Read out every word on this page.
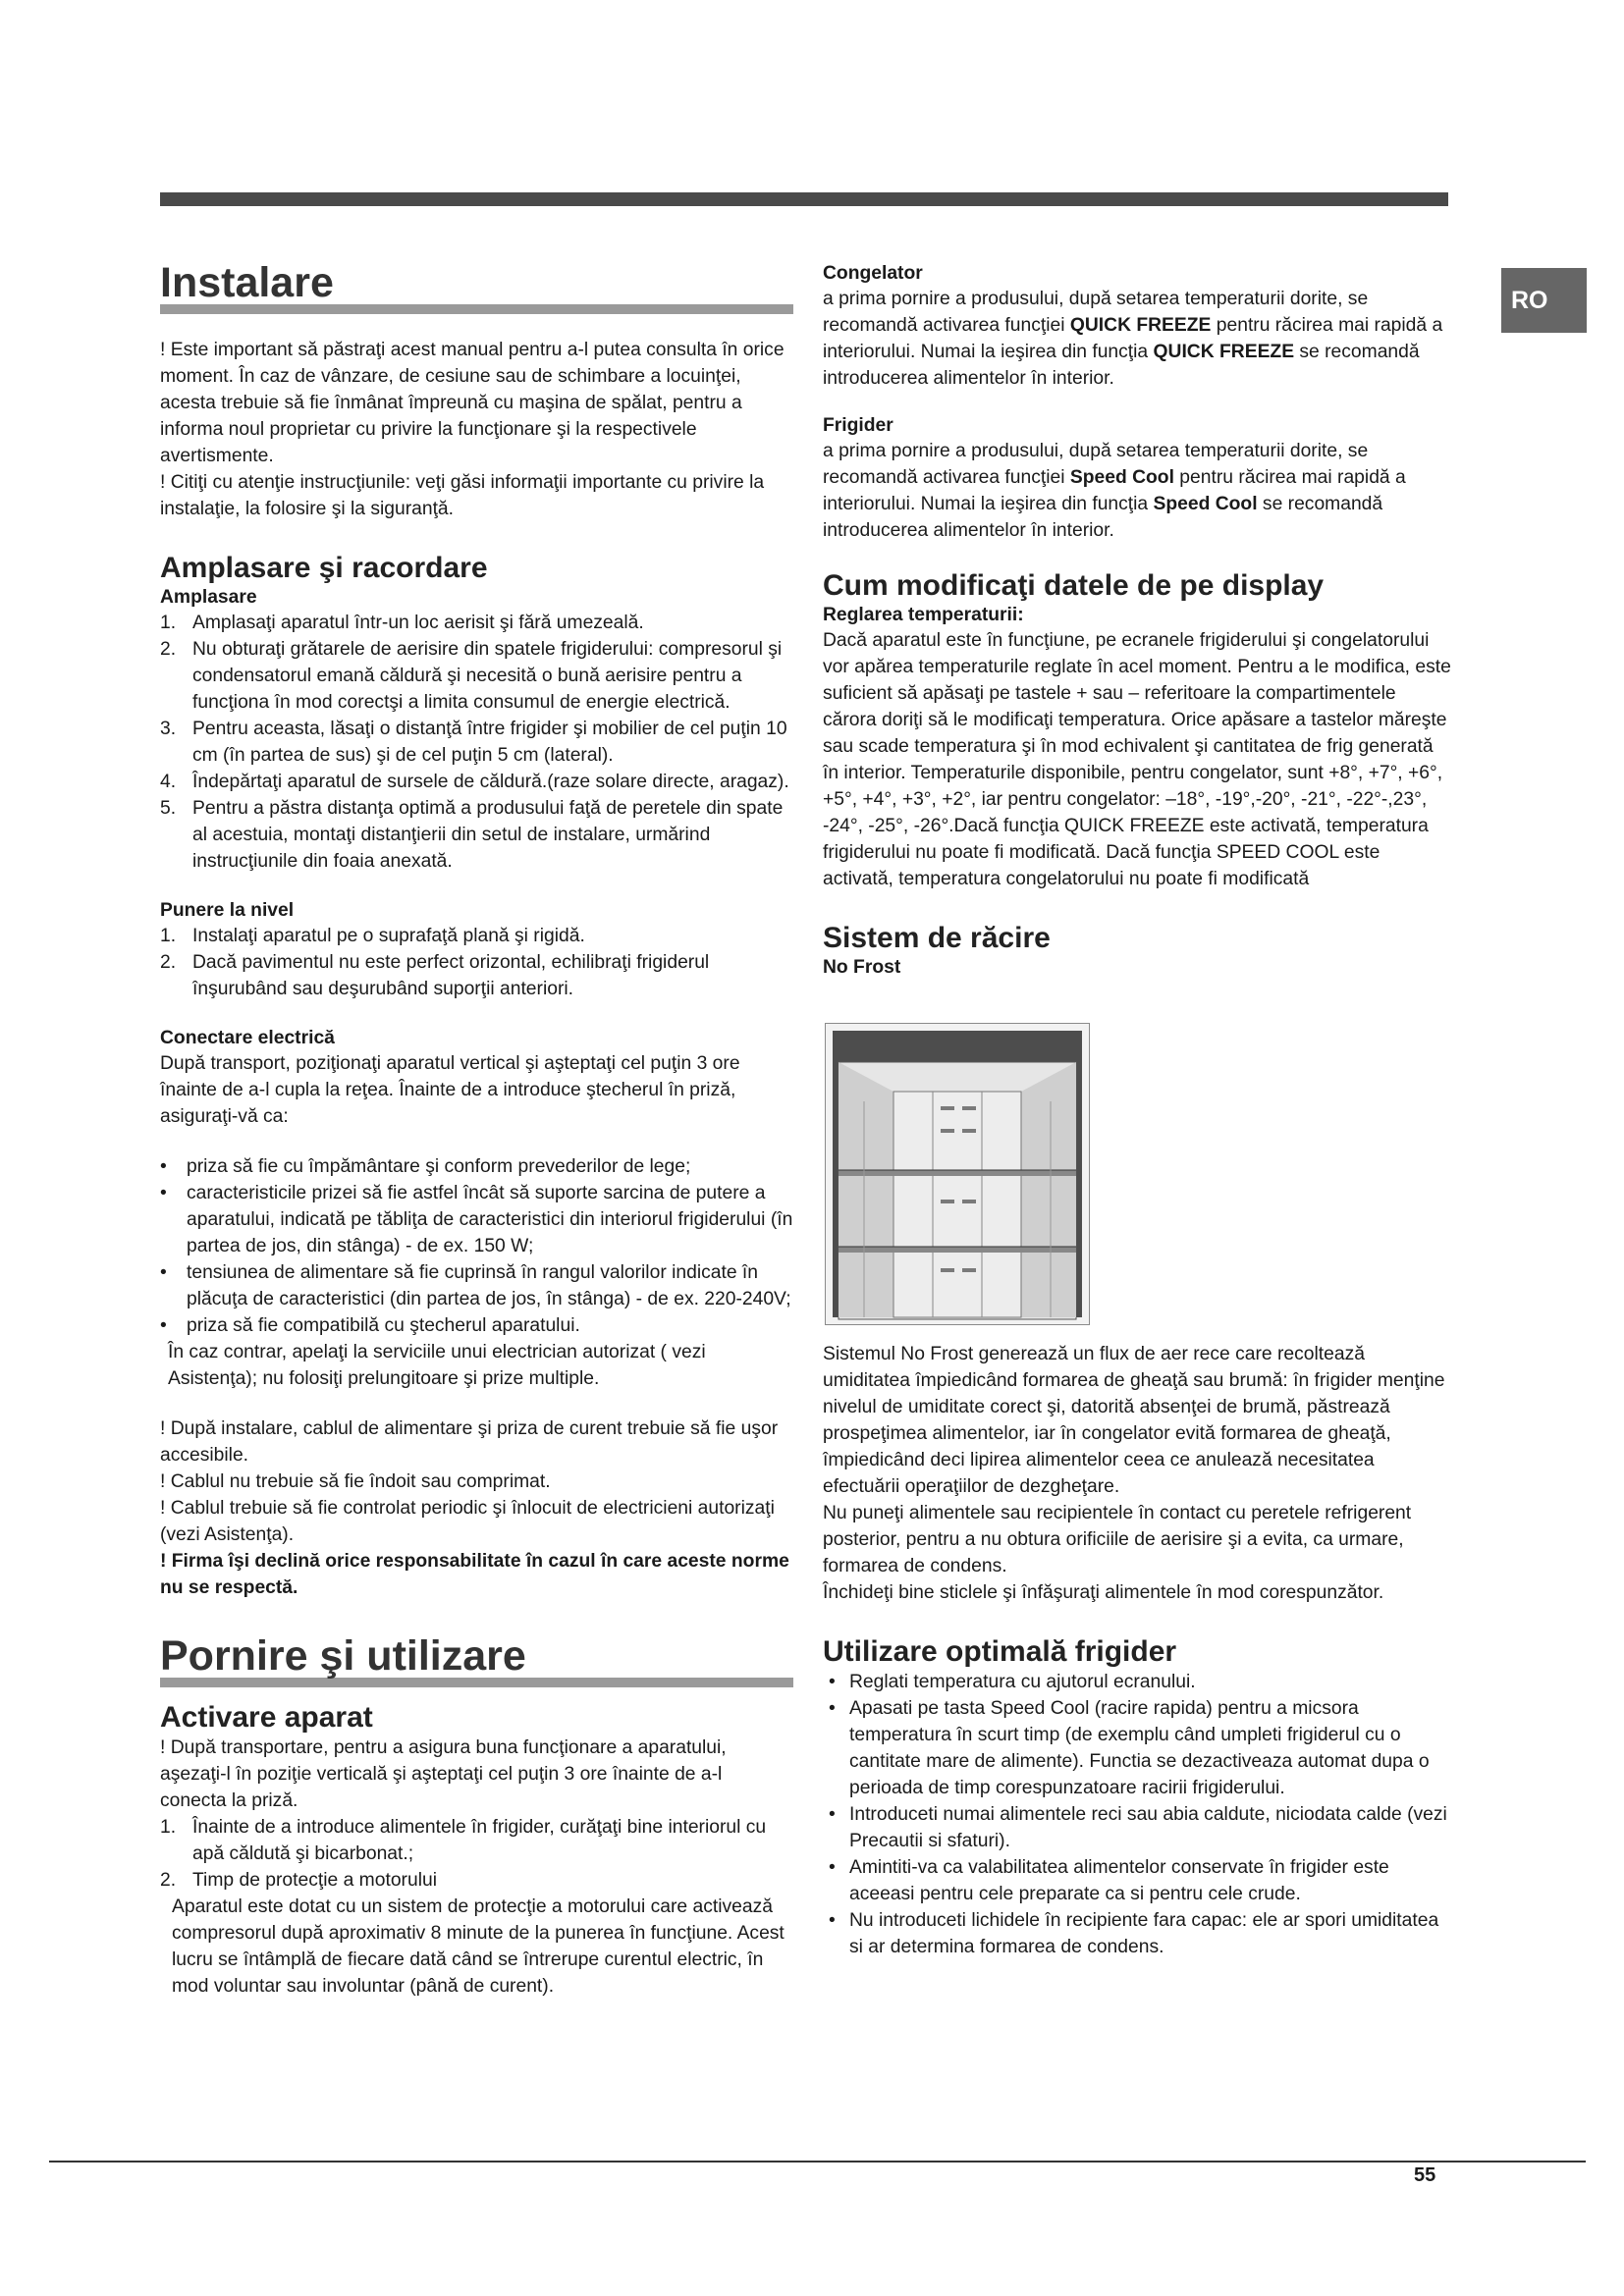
RO
Instalare

! Este important să păstraţi acest manual pentru a-l putea consulta în orice moment. În caz de vânzare, de cesiune sau de schimbare a locuinţei, acesta trebuie să fie înmânat împreună cu maşina de spălat, pentru a informa noul proprietar cu privire la funcţionare şi la respectivele avertismente.

! Citiţi cu atenţie instrucţiunile: veţi găsi informaţii importante cu privire la instalaţie, la folosire şi la siguranţă.

Amplasare şi racordare
Amplasare
1. Amplasaţi aparatul într-un loc aerisit şi fără umezeală.
2. Nu obturaţi grătarele de aerisire din spatele frigiderului: compresorul şi condensatorul emană căldură şi necesită o bună aerisire pentru a funcţiona în mod corectşi a limita consumul de energie electrică.
3. Pentru aceasta, lăsaţi o distanţă între frigider şi mobilier de cel puţin 10 cm (în partea de sus) şi de cel puţin 5 cm (lateral).
4. Îndepărtaţi aparatul de sursele de căldură.(raze solare directe, aragaz).
5. Pentru a păstra distanţa optimă a produsului faţă de peretele din spate al acestuia, montaţi distanţierii din setul de instalare, urmărind instrucţiunile din foaia anexată.
Punere la nivel
1. Instalaţi aparatul pe o suprafaţă plană şi rigidă.
2. Dacă pavimentul nu este perfect orizontal, echilibraţi frigiderul înşurubând sau deşurubând suporţii anteriori.
Conectare electrică

După transport, poziţionaţi aparatul vertical şi aşteptaţi cel puţin 3 ore înainte de a-l cupla la reţea. Înainte de a introduce ştecherul în priză, asiguraţi-vă ca:

•	priza să fie cu împământare şi conform prevederilor de lege;
•	caracteristicile prizei să fie astfel încât să suporte sarcina de putere a aparatului, indicată pe tăbliţa de caracteristici din interiorul frigiderului (în partea de jos, din stânga) - de ex. 150 W;
•	tensiunea de alimentare să fie cuprinsă în rangul valorilor indicate în plăcuţa de caracteristici (din partea de jos, în stânga) - de ex. 220-240V;
•	priza să fie compatibilă cu ştecherul aparatului.

În caz contrar, apelaţi la serviciile unui electrician autorizat ( vezi Asistenţa); nu folosiţi prelungitoare şi prize multiple.

! După instalare, cablul de alimentare şi priza de curent trebuie să fie uşor accesibile.

! Cablul nu trebuie să fie îndoit sau comprimat.

! Cablul trebuie să fie controlat periodic şi înlocuit de electricieni autorizaţi (vezi Asistenţa).

! Firma îşi declină orice responsabilitate în cazul în care aceste norme nu se respectă.

Pornire şi utilizare
Activare aparat

! După transportare, pentru a asigura buna funcţionare a aparatului, aşezaţi-l în poziţie verticală şi aşteptaţi cel puţin 3 ore înainte de a-l conecta la priză.

1. Înainte de a introduce alimentele în frigider, curăţaţi bine interiorul cu apă căldută şi bicarbonat.;
2. Timp de protecţie a motorului

Aparatul este dotat cu un sistem de protecţie a motorului care activează compresorul după aproximativ 8 minute de la punerea în funcţiune. Acest lucru se întâmplă de fiecare dată când se întrerupe curentul electric, în mod voluntar sau involuntar (până de curent).

Congelator

a prima pornire a produsului, după setarea temperaturii dorite, se recomandă activarea funcţiei QUICK FREEZE pentru răcirea mai rapidă a interiorului. Numai la ieşirea din funcţia QUICK FREEZE se recomandă introducerea alimentelor în interior.

Frigider

a prima pornire a produsului, după setarea temperaturii dorite, se recomandă activarea funcţiei Speed Cool pentru răcirea mai rapidă a interiorului. Numai la ieşirea din funcţia Speed Cool se recomandă introducerea alimentelor în interior.

Cum modificaţi datele de pe display
Reglarea temperaturii:

Dacă aparatul este în funcţiune, pe ecranele frigiderului şi congelatorului vor apărea temperaturile reglate în acel moment. Pentru a le modifica, este suficient să apăsaţi pe tastele + sau – referitoare la compartimentele cărora doriţi să le modificaţi temperatura. Orice apăsare a tastelor măreşte sau scade temperatura şi în mod echivalent şi cantitatea de frig generată în interior. Temperaturile disponibile, pentru congelator, sunt +8°, +7°, +6°, +5°, +4°, +3°, +2°, iar pentru congelator: –18°, -19°,-20°, -21°, -22°-,23°, -24°, -25°, -26°.Dacă funcţia QUICK FREEZE este activată, temperatura frigiderului nu poate fi modificată. Dacă funcţia SPEED COOL este activată, temperatura congelatorului nu poate fi modificată

Sistem de răcire
No Frost

Sistemul No Frost generează un flux de aer rece care recoltează umiditatea împiedicând formarea de gheaţă sau brumă: în frigider menţine nivelul de umiditate corect şi, datorită absenţei de brumă, păstrează prospeţimea alimentelor, iar în congelator evită formarea de gheaţă, împiedicând deci lipirea alimentelor ceea ce anulează necesitatea efectuării operaţiilor de dezgheţare.

Nu puneţi alimentele sau recipientele în contact cu peretele refrigerent posterior, pentru a nu obtura orificiile de aerisire şi a evita, ca urmare, formarea de condens.

Închideţi bine sticlele şi înfăşuraţi alimentele în mod corespunzător.

Utilizare optimală frigider
• Reglati temperatura cu ajutorul ecranului.
• Apasati pe tasta Speed Cool (racire rapida) pentru a micsora temperatura în scurt timp (de exemplu când umpleti frigiderul cu o cantitate mare de alimente). Functia se dezactiveaza automat dupa o perioada de timp corespunzatoare racirii frigiderului.
• Introduceti numai alimentele reci sau abia caldute, niciodata calde (vezi Precautii si sfaturi).
• Amintiti-va ca valabilitatea alimentelor conservate în frigider este aceeasi pentru cele preparate ca si pentru cele crude.
• Nu introduceti lichidele în recipiente fara capac: ele ar spori umiditatea si ar determina formarea de condens.
55
